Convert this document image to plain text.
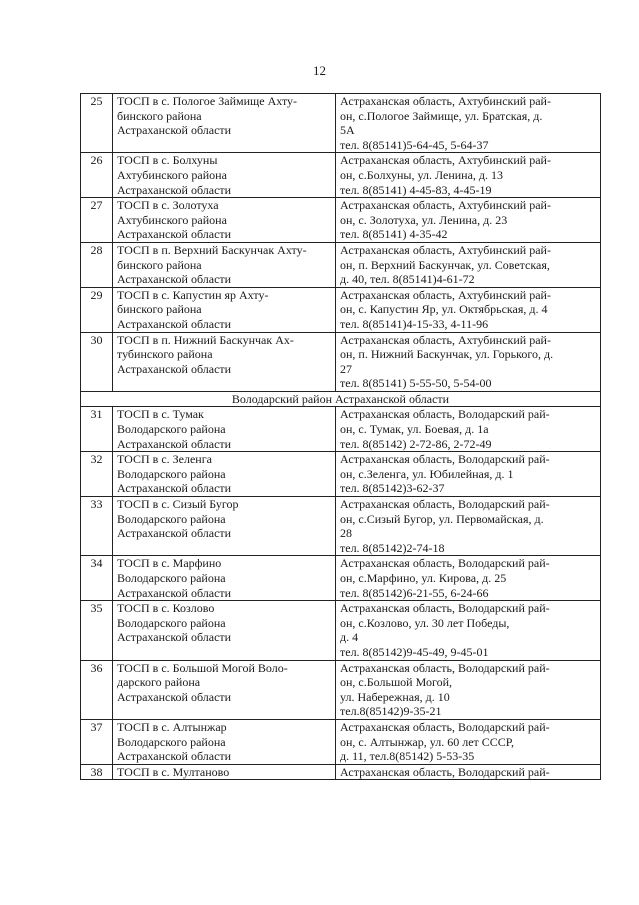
12
25	ТОСП в с. Пологое Займище Ахту-
бинского района
Астраханской области	Астраханская область, Ахтубинский рай-
он, с.Пологое Займище, ул. Братская, д.
5А
тел. 8(85141)5-64-45, 5-64-37

26	ТОСП в с. Болхуны
Ахтубинского района
Астраханской области	Астраханская область, Ахтубинский рай-
он, с.Болхуны, ул. Ленина, д. 13
тел. 8(85141) 4-45-83, 4-45-19

27	ТОСП в с. Золотуха
Ахтубинского района
Астраханской области	Астраханская область, Ахтубинский рай-
он, с. Золотуха, ул. Ленина, д. 23
тел. 8(85141) 4-35-42

28	ТОСП в п. Верхний Баскунчак Ахту-
бинского района
Астраханской области	Астраханская область, Ахтубинский рай-
он, п. Верхний Баскунчак, ул. Советская,
д. 40, тел. 8(85141)4-61-72

29	ТОСП в с. Капустин яр Ахту-
бинского района
Астраханской области	Астраханская область, Ахтубинский рай-
он, с. Капустин Яр, ул. Октябрьская, д. 4
тел. 8(85141)4-15-33, 4-11-96

30	ТОСП в п. Нижний Баскунчак Ах-
тубинского района
Астраханской области	Астраханская область, Ахтубинский рай-
он, п. Нижний Баскунчак, ул. Горького, д.
27
тел. 8(85141) 5-55-50, 5-54-00

Володарский район Астраханской области		
31	ТОСП в с. Тумак
Володарского района
Астраханской области	Астраханская область, Володарский рай-
он, с. Тумак, ул. Боевая, д. 1а
тел. 8(85142) 2-72-86, 2-72-49

32	ТОСП в с. Зеленга
Володарского района
Астраханской области	Астраханская область, Володарский рай-
он, с.Зеленга, ул. Юбилейная, д. 1
тел. 8(85142)3-62-37

33	ТОСП в с. Сизый Бугор
Володарского района
Астраханской области	Астраханская область, Володарский рай-
он, с.Сизый Бугор, ул. Первомайская, д.
28
тел. 8(85142)2-74-18

34	ТОСП в с. Марфино
Володарского района
Астраханской области	Астраханская область, Володарский рай-
он, с.Марфино, ул. Кирова, д. 25
тел. 8(85142)6-21-55, 6-24-66

35	ТОСП в с. Козлово
Володарского района
Астраханской области	Астраханская область, Володарский рай-
он, с.Козлово, ул. 30 лет Победы,
д. 4
тел. 8(85142)9-45-49, 9-45-01

36	ТОСП в с. Большой Могой Воло-
дарского района
Астраханской области	Астраханская область, Володарский рай-
он, с.Большой Могой,
ул. Набережная, д. 10
тел.8(85142)9-35-21

37	ТОСП в с. Алтынжар
Володарского района
Астраханской области	Астраханская область, Володарский рай-
он, с. Алтынжар, ул. 60 лет СССР,
д. 11, тел.8(85142) 5-53-35

38	ТОСП в с. Мултаново	Астраханская область, Володарский рай-
